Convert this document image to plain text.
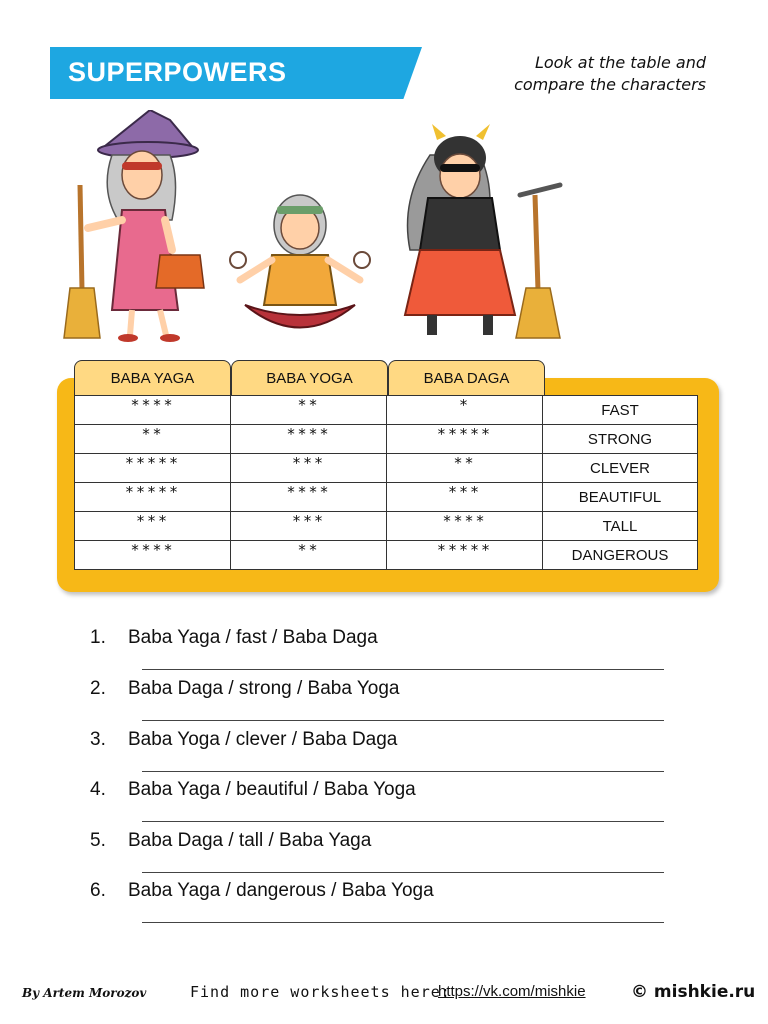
SUPERPOWERS	Look at the table and
compare the characters
BABA YAGA	BABA YOGA	BABA DAGA
****	**	*	FAST
**	****	*****	STRONG
*****	***	**	CLEVER
*****	****	***	BEAUTIFUL
***	***	****	TALL
****	**	*****	DANGEROUS
1. Baba Yaga / fast / Baba Daga
2. Baba Daga / strong / Baba Yoga
3. Baba Yoga / clever / Baba Daga
4. Baba Yaga / beautiful / Baba Yoga
5. Baba Daga / tall / Baba Yaga
6. Baba Yaga / dangerous / Baba Yoga
By Artem Morozov	Find more worksheets here:
https://vk.com/mishkie	© mishkie.ru
